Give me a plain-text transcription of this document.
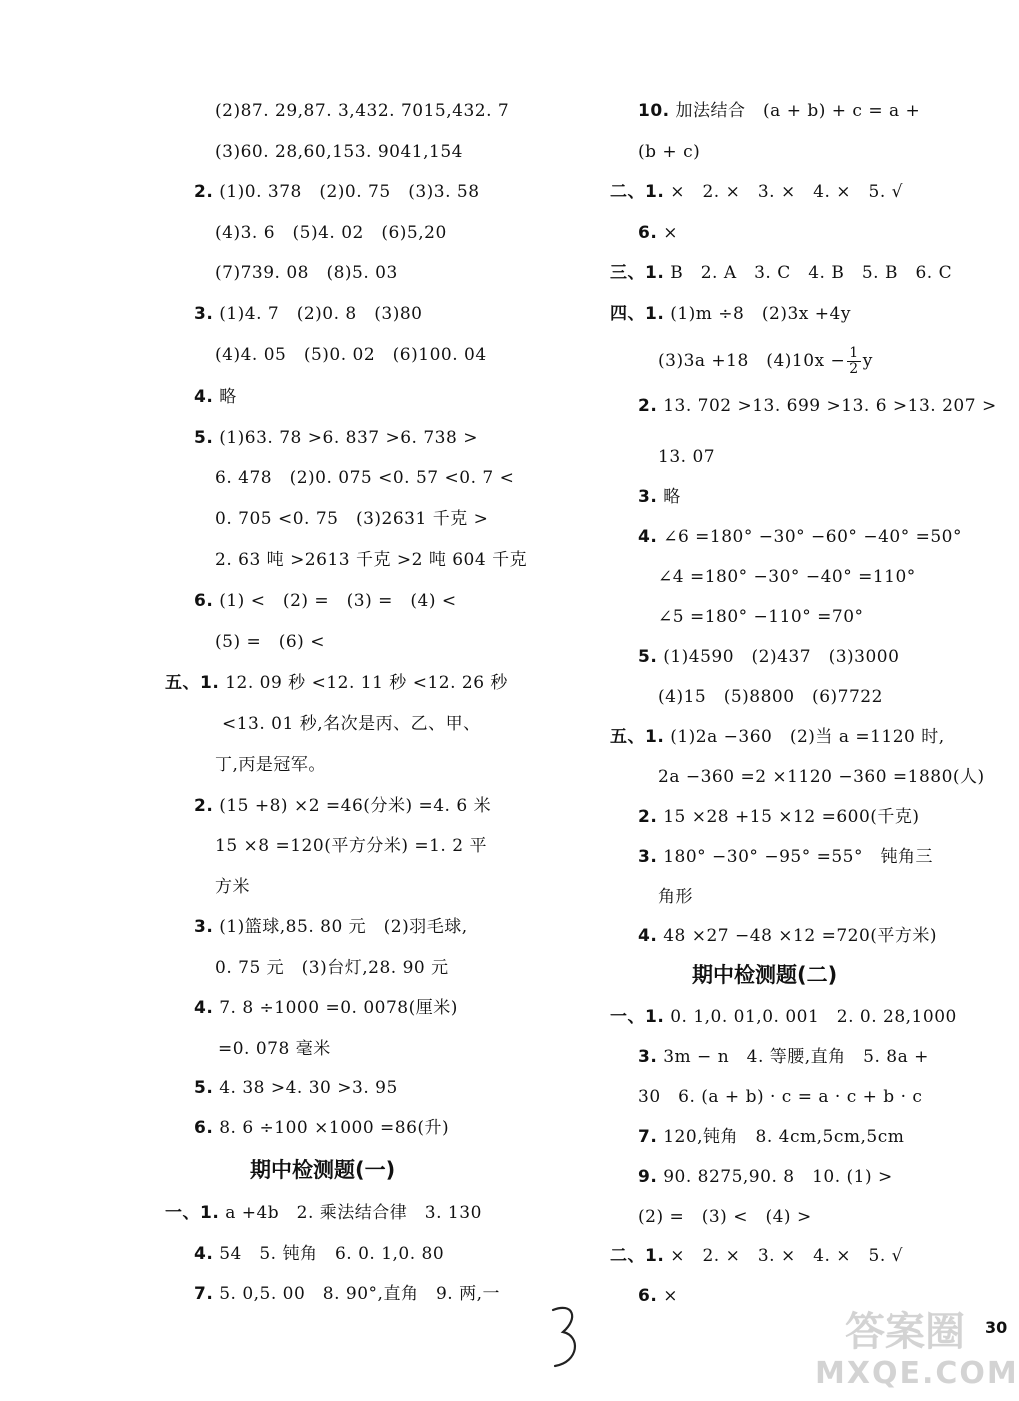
(2)87. 29,87. 3,432. 7015,432. 7
(3)60. 28,60,153. 9041,154
2. (1)0. 378　(2)0. 75　(3)3. 58
(4)3. 6　(5)4. 02　(6)5,20
(7)739. 08　(8)5. 03
3. (1)4. 7　(2)0. 8　(3)80
(4)4. 05　(5)0. 02　(6)100. 04
4. 略
5. (1)63. 78 >6. 837 >6. 738 >
6. 478　(2)0. 075 <0. 57 <0. 7 <
0. 705 <0. 75　(3)2631 千克 >
2. 63 吨 >2613 千克 >2 吨 604 千克
6. (1) <　(2) =　(3) =　(4) <
(5) =　(6) <
五、1. 12. 09 秒 <12. 11 秒 <12. 26 秒
<13. 01 秒,名次是丙、乙、甲、
丁,丙是冠军。
2. (15 +8) ×2 =46(分米) =4. 6 米
15 ×8 =120(平方分米) =1. 2 平
方米
3. (1)篮球,85. 80 元　(2)羽毛球,
0. 75 元　(3)台灯,28. 90 元
4. 7. 8 ÷1000 =0. 0078(厘米)
=0. 078 毫米
5. 4. 38 >4. 30 >3. 95
6. 8. 6 ÷100 ×1000 =86(升)
一、1. a +4b　2. 乘法结合律　3. 130
4. 54　5. 钝角　6. 0. 1,0. 80
7. 5. 0,5. 00　8. 90°,直角　9. 两,一
10. 加法结合　(a + b) + c = a +
(b + c)
二、1. ×　2. ×　3. ×　4. ×　5. √
6. ×
三、1. B　2. A　3. C　4. B　5. B　6. C
四、1. (1)m ÷8　(2)3x +4y
2. 13. 702 >13. 699 >13. 6 >13. 207 >
13. 07
3. 略
4. ∠6 =180° −30° −60° −40° =50°
∠4 =180° −30° −40° =110°
∠5 =180° −110° =70°
5. (1)4590　(2)437　(3)3000
(4)15　(5)8800　(6)7722
五、1. (1)2a −360　(2)当 a =1120 时,
2a −360 =2 ×1120 −360 =1880(人)
2. 15 ×28 +15 ×12 =600(千克)
3. 180° −30° −95° =55°　钝角三
角形
4. 48 ×27 −48 ×12 =720(平方米)
一、1. 0. 1,0. 01,0. 001　2. 0. 28,1000
3. 3m − n　4. 等腰,直角　5. 8a +
30　6. (a + b) · c = a · c + b · c
7. 120,钝角　8. 4cm,5cm,5cm
9. 90. 8275,90. 8　10. (1) >
(2) =　(3) <　(4) >
二、1. ×　2. ×　3. ×　4. ×　5. √
6. ×
(3)3a +18　$(4)10x - \frac{1}{2}$ y
期中检测题(一)
期中检测题(二)
答案圈
MXQE.COM
30
